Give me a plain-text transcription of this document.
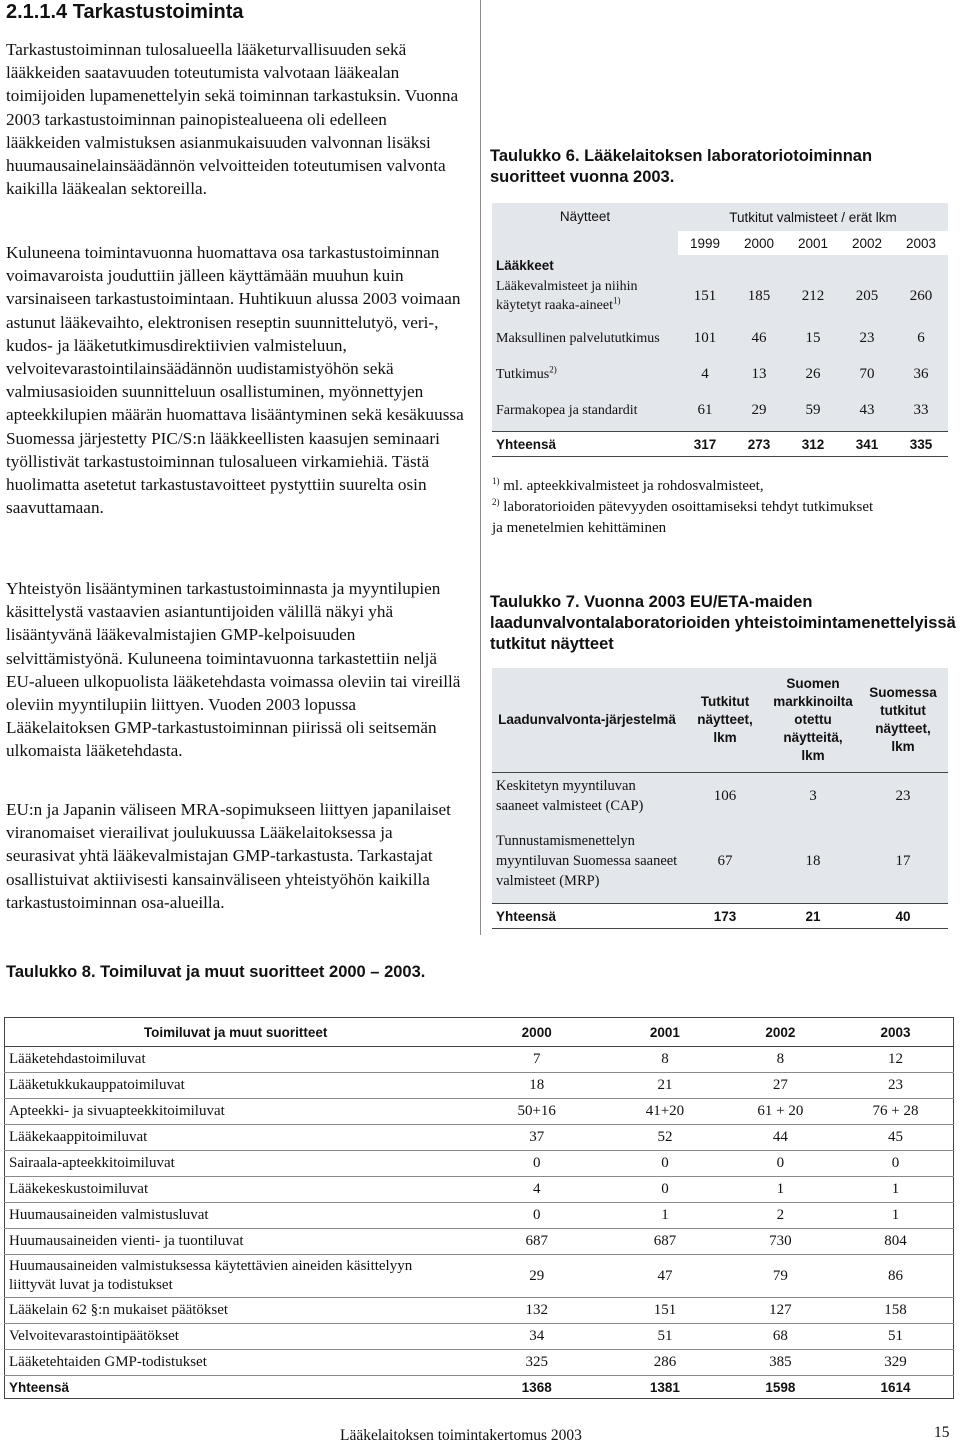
2.1.1.4 Tarkastustoiminta

Tarkastustoiminnan tulosalueella lääketurvallisuuden sekä lääkkeiden saatavuuden toteutumista valvotaan lääkealan toimijoiden lupamenettelyin sekä toiminnan tarkastuksin. Vuonna 2003 tarkastustoiminnan painopistealueena oli edelleen lääkkeiden valmistuksen asianmukaisuuden valvonnan lisäksi huumausainelainsäädännön velvoitteiden toteutumisen valvonta kaikilla lääkealan sektoreilla.

Kuluneena toimintavuonna huomattava osa tarkastustoiminnan voimavaroista jouduttiin jälleen käyttämään muuhun kuin varsinaiseen tarkastustoimintaan. Huhtikuun alussa 2003 voimaan astunut lääkevaihto, elektronisen reseptin suunnittelutyö, veri-, kudos- ja lääketutkimusdirektiivien valmisteluun, velvoitevarastointilainsäädännön uudistamistyöhön sekä valmiusasioiden suunnitteluun osallistuminen, myönnettyjen apteekkilupien määrän huomattava lisääntyminen sekä kesäkuussa Suomessa järjestetty PIC/S:n lääkkeellisten kaasujen seminaari työllistivät tarkastustoiminnan tulosalueen virkamiehiä. Tästä huolimatta asetetut tarkastustavoitteet pystyttiin suurelta osin saavuttamaan.

Yhteistyön lisääntyminen tarkastustoiminnasta ja myyntilupien käsittelystä vastaavien asiantuntijoiden välillä näkyi yhä lisääntyvänä lääkevalmistajien GMP-kelpoisuuden selvittämistyönä. Kuluneena toimintavuonna tarkastettiin neljä EU-alueen ulkopuolista lääketehdasta voimassa oleviin tai vireillä oleviin myyntilupiin liittyen. Vuoden 2003 lopussa Lääkelaitoksen GMP-tarkastustoiminnan piirissä oli seitsemän ulkomaista lääketehdasta.

EU:n ja Japanin väliseen MRA-sopimukseen liittyen japanilaiset viranomaiset vierailivat joulukuussa Lääkelaitoksessa ja seurasivat yhtä lääkevalmistajan GMP-tarkastusta. Tarkastajat osallistuivat aktiivisesti kansainväliseen yhteistyöhön kaikilla tarkastustoiminnan osa-alueilla.

Taulukko 6. Lääkelaitoksen laboratoriotoiminnan suoritteet vuonna 2003.
Näytteet	Tutkitut valmisteet / erät lkm				
	1999	2000	2001	2002	2003
Lääkkeet					
Lääkevalmisteet ja niihin käytetyt raaka-aineet$^{1)}$	151	185	212	205	260
Maksullinen palvelututkimus	101	46	15	23	6
Tutkimus$^{2)}$	4	13	26	70	36
Farmakopea ja standardit	61	29	59	43	33
Yhteensä	317	273	312	341	335
$^{1)}$ ml. apteekkivalmisteet ja rohdosvalmisteet,
$^{2)}$ laboratorioiden pätevyyden osoittamiseksi tehdyt tutkimukset
ja menetelmien kehittäminen
Taulukko 7. Vuonna 2003 EU/ETA-maiden laadunvalvontalaboratorioiden yhteistoimintamenettelyissä tutkitut näytteet
Laadunvalvonta-järjestelmä	Tutkitut näytteet, lkm	Suomen markkinoilta otettu näytteitä, lkm	Suomessa tutkitut näytteet, lkm
Keskitetyn myyntiluvan saaneet valmisteet (CAP)	106	3	23
Tunnustamismenettelyn myyntiluvan Suomessa saaneet valmisteet (MRP)	67	18	17
Yhteensä	173	21	40
Taulukko 8. Toimiluvat ja muut suoritteet 2000 – 2003.
Toimiluvat ja muut suoritteet	2000	2001	2002	2003
Lääketehdastoimiluvat	7	8	8	12
Lääketukkukauppatoimiluvat	18	21	27	23
Apteekki- ja sivuapteekkitoimiluvat	50+16	41+20	61 + 20	76 + 28
Lääkekaappitoimiluvat	37	52	44	45
Sairaala-apteekkitoimiluvat	0	0	0	0
Lääkekeskustoimiluvat	4	0	1	1
Huumausaineiden valmistusluvat	0	1	2	1
Huumausaineiden vienti- ja tuontiluvat	687	687	730	804
Huumausaineiden valmistuksessa käytettävien aineiden käsittelyyn liittyvät luvat ja todistukset	29	47	79	86
Lääkelain 62 §:n mukaiset päätökset	132	151	127	158
Velvoitevarastointipäätökset	34	51	68	51
Lääketehtaiden GMP-todistukset	325	286	385	329
Yhteensä	1368	1381	1598	1614
Lääkelaitoksen toimintakertomus 2003	15
